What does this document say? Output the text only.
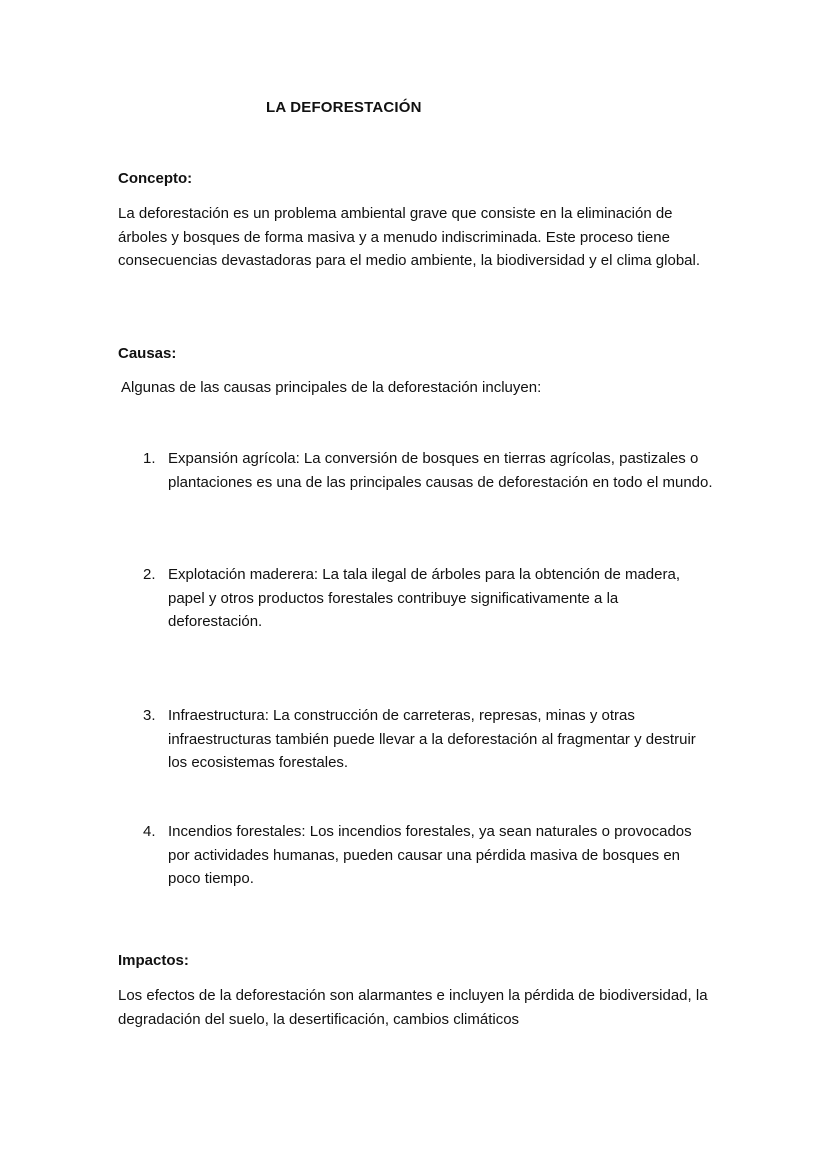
LA DEFORESTACIÓN
Concepto:
La deforestación es un problema ambiental grave que consiste en la eliminación de árboles y bosques de forma masiva y a menudo indiscriminada. Este proceso tiene consecuencias devastadoras para el medio ambiente, la biodiversidad y el clima global.
Causas:
Algunas de las causas principales de la deforestación incluyen:
1. Expansión agrícola: La conversión de bosques en tierras agrícolas, pastizales o plantaciones es una de las principales causas de deforestación en todo el mundo.
2. Explotación maderera: La tala ilegal de árboles para la obtención de madera, papel y otros productos forestales contribuye significativamente a la deforestación.
3. Infraestructura: La construcción de carreteras, represas, minas y otras infraestructuras también puede llevar a la deforestación al fragmentar y destruir los ecosistemas forestales.
4. Incendios forestales: Los incendios forestales, ya sean naturales o provocados por actividades humanas, pueden causar una pérdida masiva de bosques en poco tiempo.
Impactos:
Los efectos de la deforestación son alarmantes e incluyen la pérdida de biodiversidad, la degradación del suelo, la desertificación, cambios climáticos
